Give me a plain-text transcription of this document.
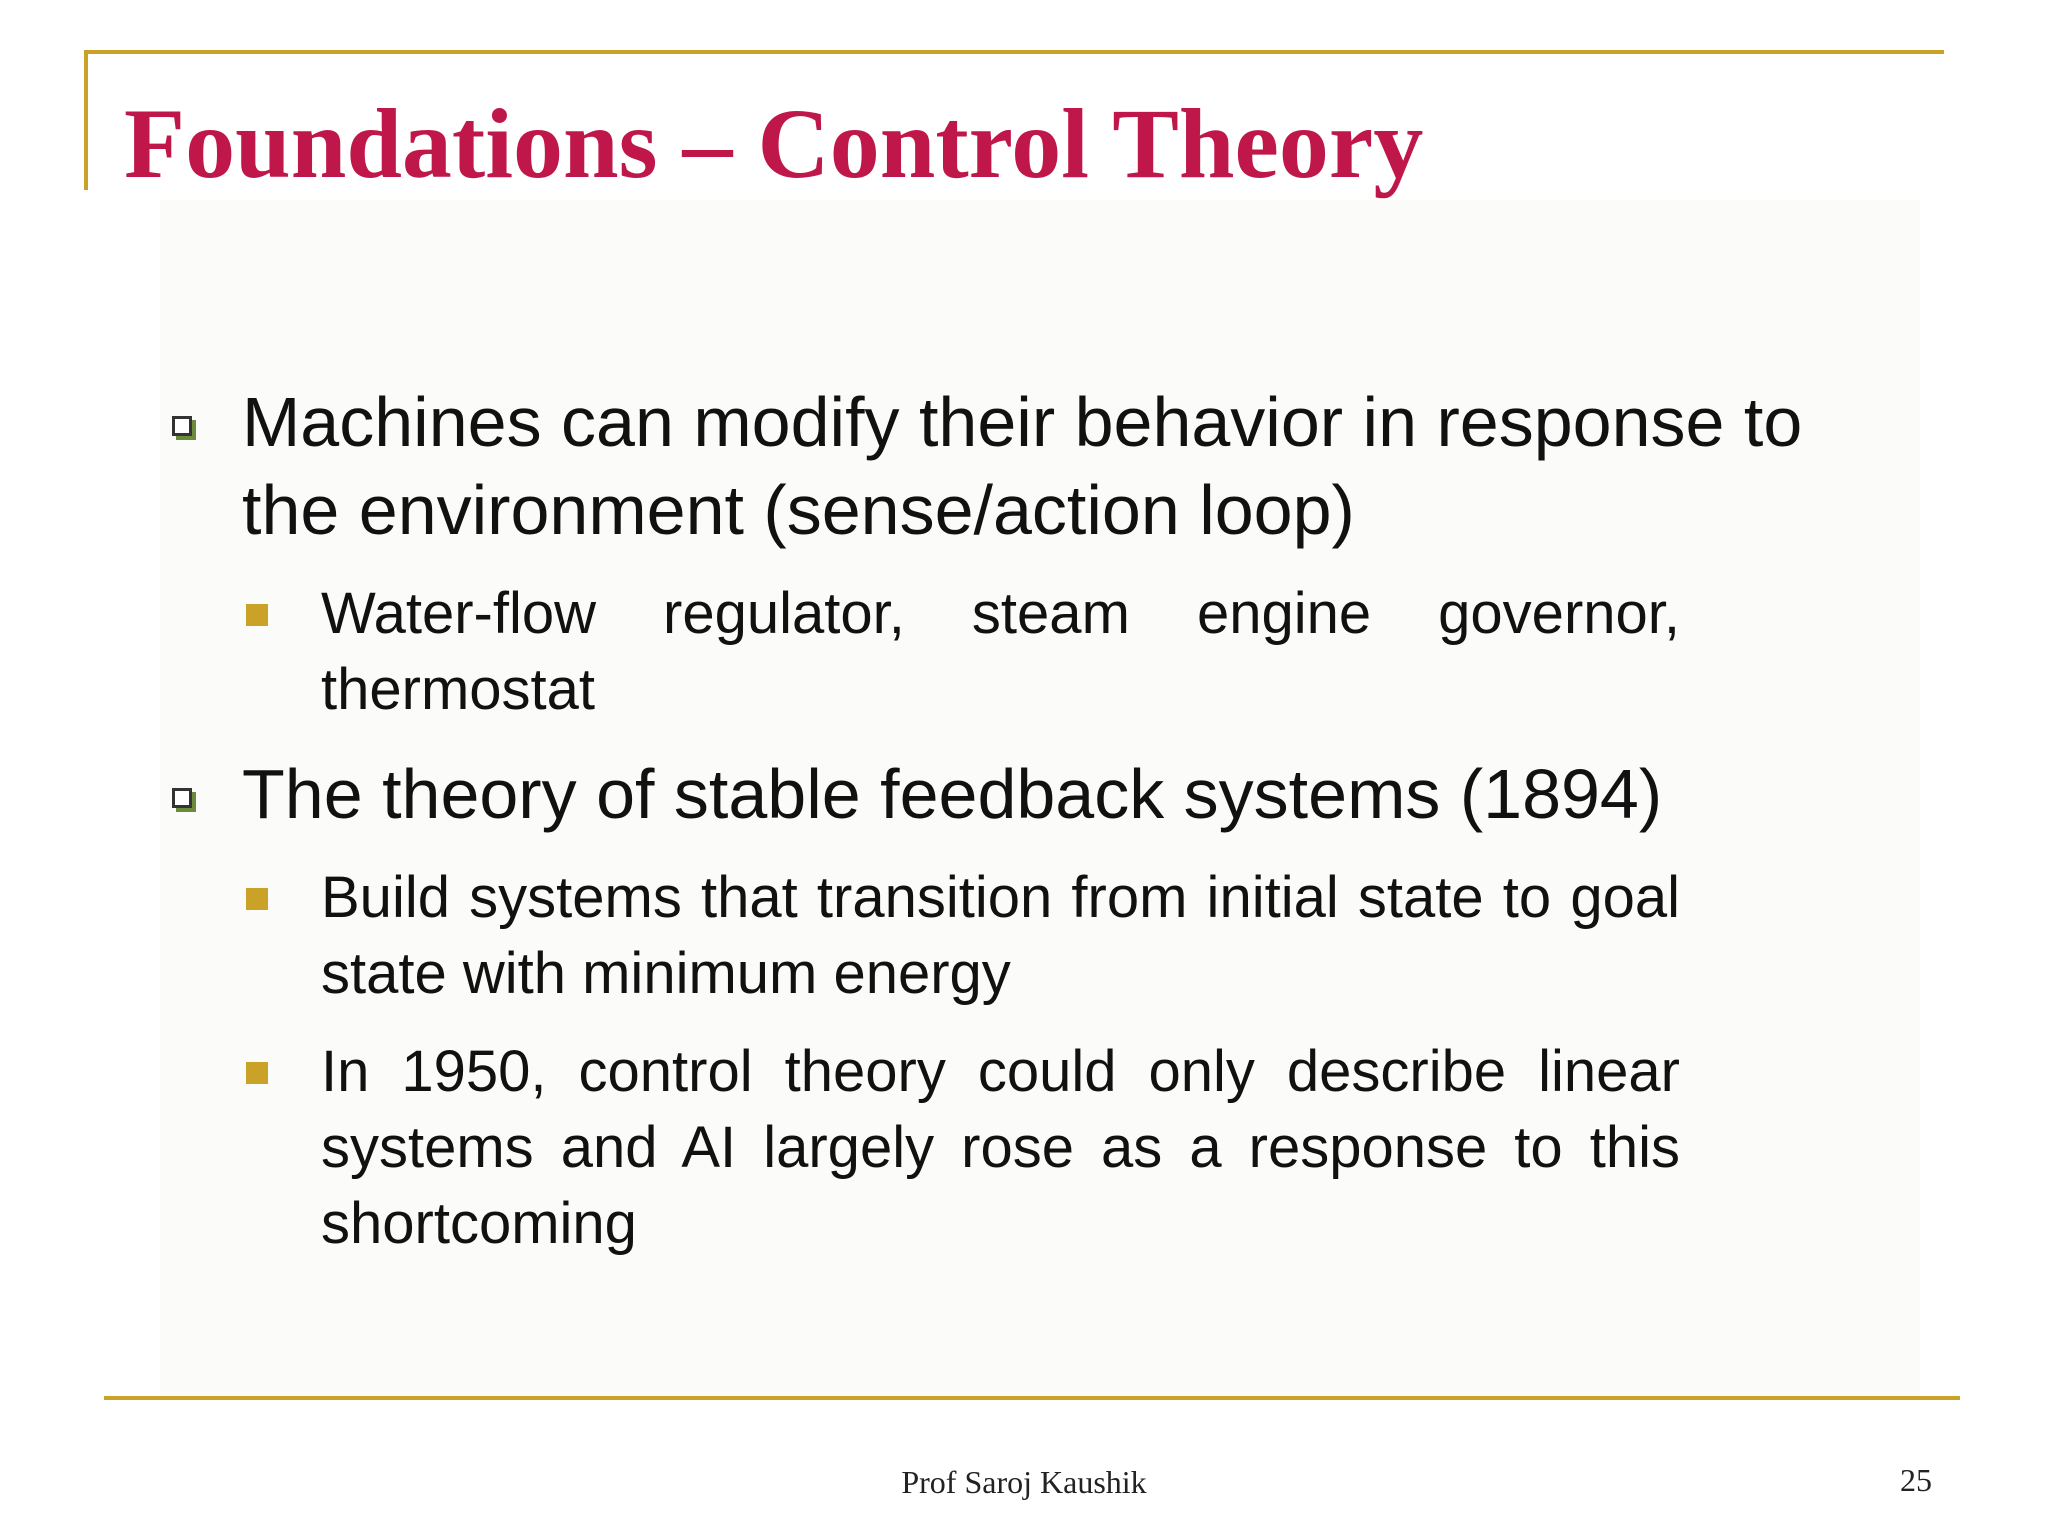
Foundations – Control Theory

Machines can modify their behavior in response to the environment (sense/action loop)

Water-flow regulator, steam engine governor, thermostat

The theory of stable feedback systems (1894)

Build systems that transition from initial state to goal state with minimum energy

In 1950, control theory could only describe linear systems and AI largely rose as a response to this shortcoming

Prof Saroj Kaushik	25
